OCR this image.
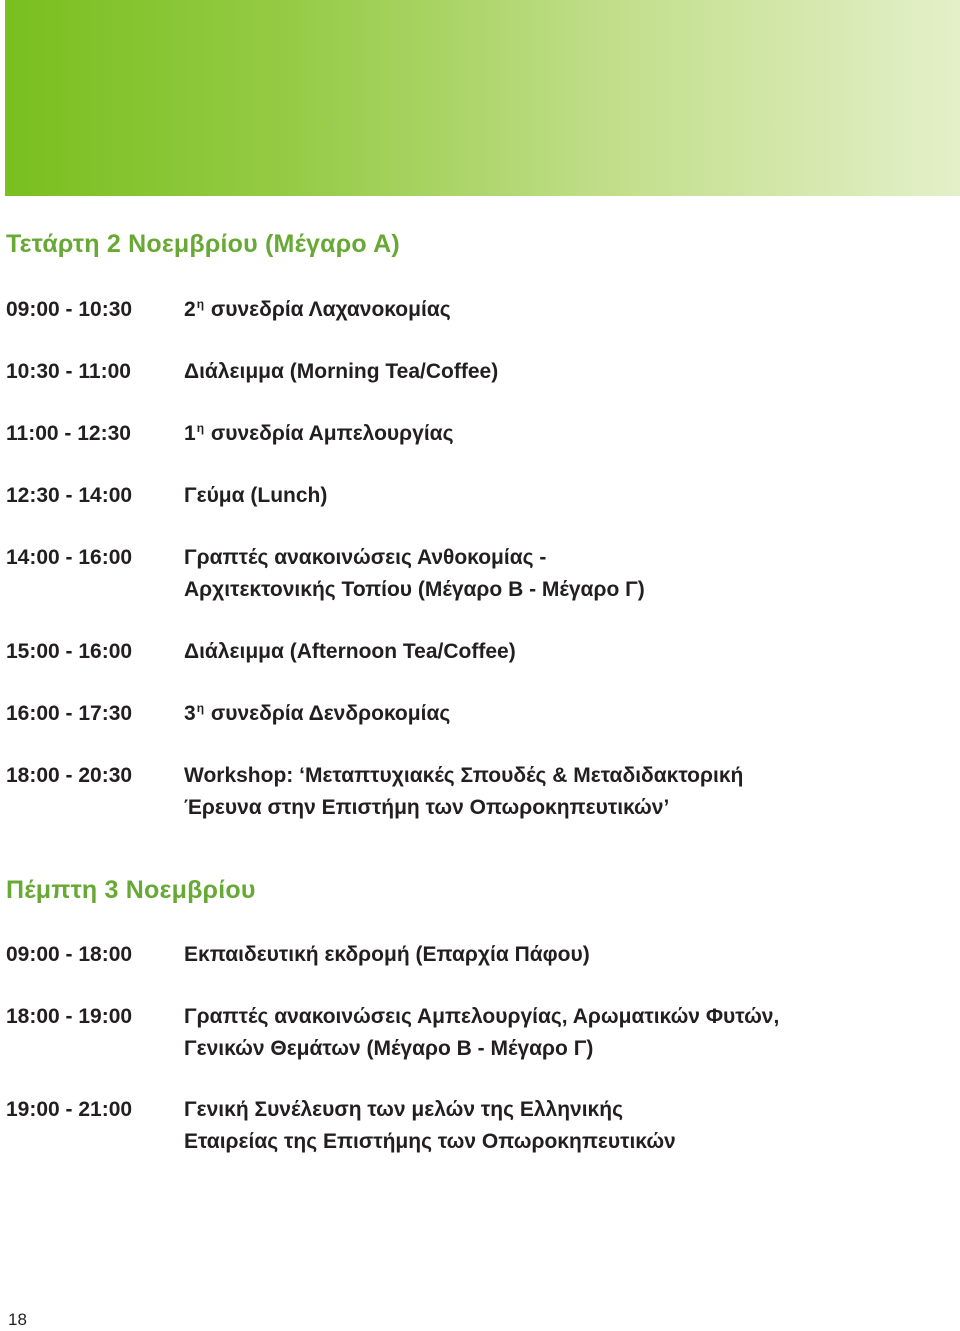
Τετάρτη 2 Νοεμβρίου (Μέγαρο Α)
09:00 - 10:30 $2^\eta$ συνεδρία Λαχανοκομίας
10:30 - 11:00	Διάλειμμα (Morning Tea/Coffee)
11:00 - 12:30	$1^\eta$ συνεδρία Αμπελουργίας
12:30 - 14:00 Γεύμα (Lunch)
14:00 - 16:00 Γραπτές ανακοινώσεις Ανθοκομίας -
Αρχιτεκτονικής Τοπίου (Μέγαρο Β - Μέγαρο Γ)
15:00 - 16:00 Διάλειμμα (Afternoon Tea/Coffee)
16:00 - 17:30 $3^\eta$ συνεδρία Δενδροκομίας
18:00 - 20:30 Workshop: ‘Μεταπτυχιακές Σπουδές & Μεταδιδακτορική
Έρευνα στην Επιστήμη των Οπωροκηπευτικών’
Πέμπτη 3 Νοεμβρίου
09:00 - 18:00 Εκπαιδευτική εκδρομή (Επαρχία Πάφου)
18:00 - 19:00 Γραπτές ανακοινώσεις Αμπελουργίας, Αρωματικών Φυτών,
Γενικών Θεμάτων (Μέγαρο Β - Μέγαρο Γ)
19:00 - 21:00 Γενική Συνέλευση των μελών της Ελληνικής
Εταιρείας της Επιστήμης των Οπωροκηπευτικών
18
